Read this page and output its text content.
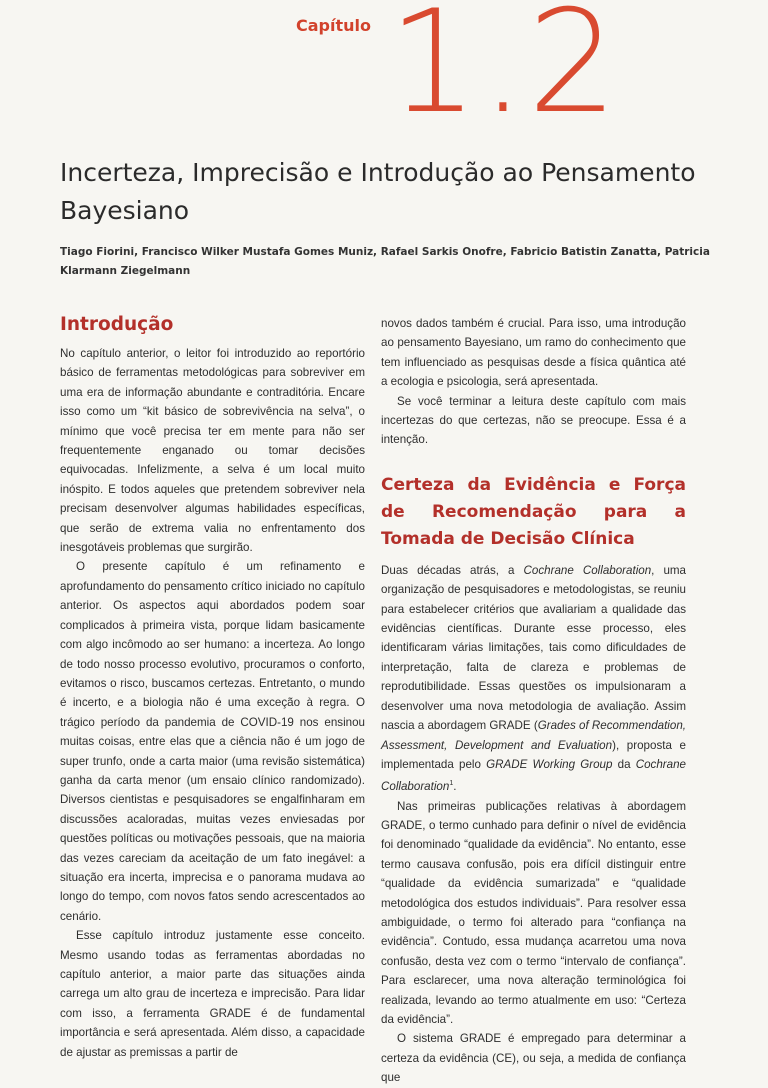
Capítulo 1.2
Incerteza, Imprecisão e Introdução ao Pensamento Bayesiano
Tiago Fiorini, Francisco Wilker Mustafa Gomes Muniz, Rafael Sarkis Onofre, Fabricio Batistin Zanatta, Patricia Klarmann Ziegelmann
Introdução

No capítulo anterior, o leitor foi introduzido ao reportório básico de ferramentas metodológicas para sobreviver em uma era de informação abundante e contraditória. Encare isso como um “kit básico de sobrevivência na selva”, o mínimo que você precisa ter em mente para não ser frequentemente enganado ou tomar decisões equivocadas. Infelizmente, a selva é um local muito inóspito. E todos aqueles que pretendem sobreviver nela precisam desenvolver algumas habilidades específicas, que serão de extrema valia no enfrentamento dos inesgotáveis problemas que surgirão.

O presente capítulo é um refinamento e aprofundamento do pensamento crítico iniciado no capítulo anterior. Os aspectos aqui abordados podem soar complicados à primeira vista, porque lidam basicamente com algo incômodo ao ser humano: a incerteza. Ao longo de todo nosso processo evolutivo, procuramos o conforto, evitamos o risco, buscamos certezas. Entretanto, o mundo é incerto, e a biologia não é uma exceção à regra. O trágico período da pandemia de COVID-19 nos ensinou muitas coisas, entre elas que a ciência não é um jogo de super trunfo, onde a carta maior (uma revisão sistemática) ganha da carta menor (um ensaio clínico randomizado). Diversos cientistas e pesquisadores se engalfinharam em discussões acaloradas, muitas vezes enviesadas por questões políticas ou motivações pessoais, que na maioria das vezes careciam da aceitação de um fato inegável: a situação era incerta, imprecisa e o panorama mudava ao longo do tempo, com novos fatos sendo acrescentados ao cenário.

Esse capítulo introduz justamente esse conceito. Mesmo usando todas as ferramentas abordadas no capítulo anterior, a maior parte das situações ainda carrega um alto grau de incerteza e imprecisão. Para lidar com isso, a ferramenta GRADE é de fundamental importância e será apresentada. Além disso, a capacidade de ajustar as premissas a partir de

novos dados também é crucial. Para isso, uma introdução ao pensamento Bayesiano, um ramo do conhecimento que tem influenciado as pesquisas desde a física quântica até a ecologia e psicologia, será apresentada.

Se você terminar a leitura deste capítulo com mais incertezas do que certezas, não se preocupe. Essa é a intenção.

Certeza da Evidência e Força de Recomendação para a Tomada de Decisão Clínica

Duas décadas atrás, a Cochrane Collaboration, uma organização de pesquisadores e metodologistas, se reuniu para estabelecer critérios que avaliariam a qualidade das evidências científicas. Durante esse processo, eles identificaram várias limitações, tais como dificuldades de interpretação, falta de clareza e problemas de reprodutibilidade. Essas questões os impulsionaram a desenvolver uma nova metodologia de avaliação. Assim nascia a abordagem GRADE (Grades of Recommendation, Assessment, Development and Evaluation), proposta e implementada pelo GRADE Working Group da Cochrane Collaboration$^1$.

Nas primeiras publicações relativas à abordagem GRADE, o termo cunhado para definir o nível de evidência foi denominado “qualidade da evidência”. No entanto, esse termo causava confusão, pois era difícil distinguir entre “qualidade da evidência sumarizada” e “qualidade metodológica dos estudos individuais”. Para resolver essa ambiguidade, o termo foi alterado para “confiança na evidência”. Contudo, essa mudança acarretou uma nova confusão, desta vez com o termo “intervalo de confiança”. Para esclarecer, uma nova alteração terminológica foi realizada, levando ao termo atualmente em uso: “Certeza da evidência”.

O sistema GRADE é empregado para determinar a certeza da evidência (CE), ou seja, a medida de confiança que
